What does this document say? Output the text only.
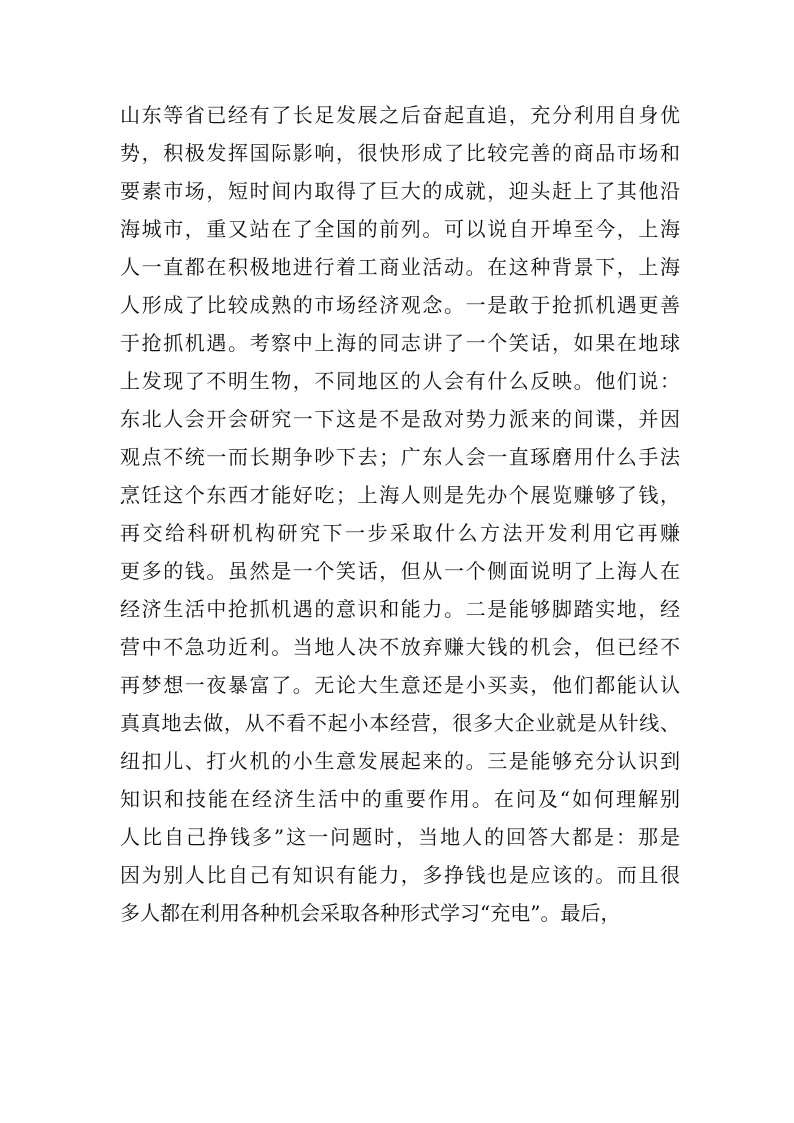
山东等省已经有了长足发展之后奋起直追，充分利用自身优
势，积极发挥国际影响，很快形成了比较完善的商品市场和
要素市场，短时间内取得了巨大的成就，迎头赶上了其他沿
海城市，重又站在了全国的前列。可以说自开埠至今，上海
人一直都在积极地进行着工商业活动。在这种背景下，上海
人形成了比较成熟的市场经济观念。一是敢于抢抓机遇更善
于抢抓机遇。考察中上海的同志讲了一个笑话，如果在地球
上发现了不明生物，不同地区的人会有什么反映。他们说：
东北人会开会研究一下这是不是敌对势力派来的间谍，并因
观点不统一而长期争吵下去；广东人会一直琢磨用什么手法
烹饪这个东西才能好吃；上海人则是先办个展览赚够了钱，
再交给科研机构研究下一步采取什么方法开发利用它再赚
更多的钱。虽然是一个笑话，但从一个侧面说明了上海人在
经济生活中抢抓机遇的意识和能力。二是能够脚踏实地，经
营中不急功近利。当地人决不放弃赚大钱的机会，但已经不
再梦想一夜暴富了。无论大生意还是小买卖，他们都能认认
真真地去做，从不看不起小本经营，很多大企业就是从针线、
纽扣儿、打火机的小生意发展起来的。三是能够充分认识到
知识和技能在经济生活中的重要作用。在问及“如何理解别
人比自己挣钱多”这一问题时，当地人的回答大都是：那是
因为别人比自己有知识有能力，多挣钱也是应该的。而且很
多人都在利用各种机会采取各种形式学习“充电”。最后，
